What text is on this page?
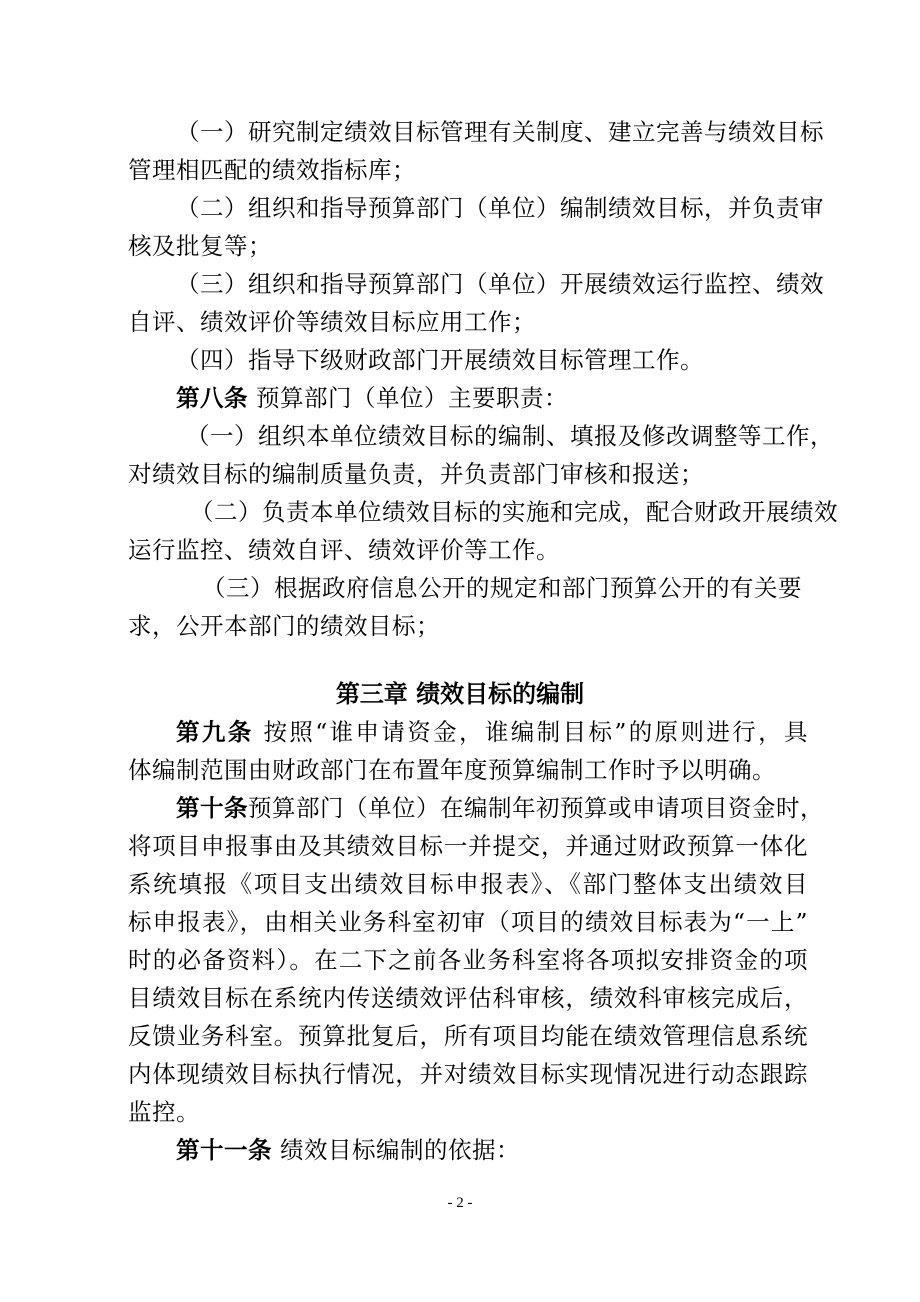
（一）研究制定绩效目标管理有关制度、建立完善与绩效目标
管理相匹配的绩效指标库；
（二）组织和指导预算部门（单位）编制绩效目标，并负责审
核及批复等；
（三）组织和指导预算部门（单位）开展绩效运行监控、绩效
自评、绩效评价等绩效目标应用工作；
（四）指导下级财政部门开展绩效目标管理工作。
第八条 预算部门（单位）主要职责：
（一）组织本单位绩效目标的编制、填报及修改调整等工作，
对绩效目标的编制质量负责，并负责部门审核和报送；
（二）负责本单位绩效目标的实施和完成，配合财政开展绩效
运行监控、绩效自评、绩效评价等工作。
（三）根据政府信息公开的规定和部门预算公开的有关要
求，公开本部门的绩效目标；
第三章 绩效目标的编制
第九条 按照“谁申请资金，谁编制目标”的原则进行，具
体编制范围由财政部门在布置年度预算编制工作时予以明确。
第十条预算部门（单位）在编制年初预算或申请项目资金时，
将项目申报事由及其绩效目标一并提交，并通过财政预算一体化
系统填报《项目支出绩效目标申报表》、《部门整体支出绩效目
标申报表》，由相关业务科室初审（项目的绩效目标表为“一上”
时的必备资料）。在二下之前各业务科室将各项拟安排资金的项
目绩效目标在系统内传送绩效评估科审核，绩效科审核完成后，
反馈业务科室。预算批复后，所有项目均能在绩效管理信息系统
内体现绩效目标执行情况，并对绩效目标实现情况进行动态跟踪
监控。
第十一条 绩效目标编制的依据：
- 2 -
